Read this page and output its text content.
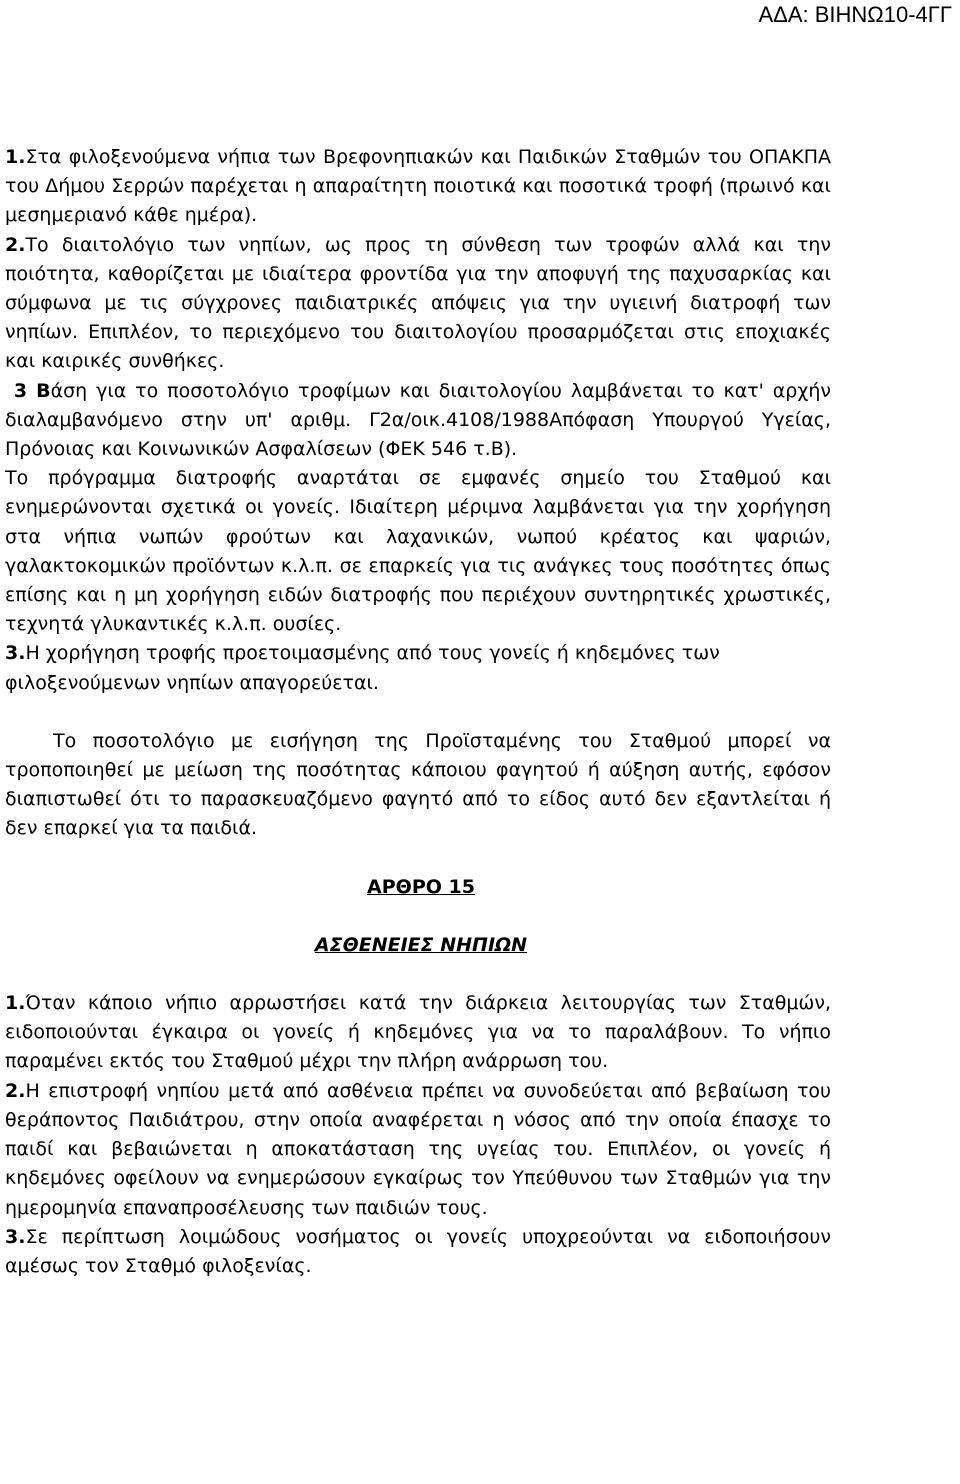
ΑΔΑ: ΒΙΗΝΩ10-4ΓΓ

1.Στα φιλοξενούμενα νήπια των Βρεφονηπιακών και Παιδικών Σταθμών του ΟΠΑΚΠΑ του Δήμου Σερρών παρέχεται η απαραίτητη ποιοτικά και ποσοτικά τροφή (πρωινό και μεσημεριανό κάθε ημέρα).

2.Το διαιτολόγιο των νηπίων, ως προς τη σύνθεση των τροφών αλλά και την ποιότητα, καθορίζεται με ιδιαίτερα φροντίδα για την αποφυγή της παχυσαρκίας και σύμφωνα με τις σύγχρονες παιδιατρικές απόψεις για την υγιεινή διατροφή των νηπίων. Επιπλέον, το περιεχόμενο του διαιτολογίου προσαρμόζεται στις εποχιακές και καιρικές συνθήκες.

3 Βάση για το ποσοτολόγιο τροφίμων και διαιτολογίου λαμβάνεται το κατ' αρχήν διαλαμβανόμενο στην υπ' αριθμ. Γ2α/οικ.4108/1988Απόφαση Υπουργού Υγείας, Πρόνοιας και Κοινωνικών Ασφαλίσεων (ΦΕΚ 546 τ.Β).

Το πρόγραμμα διατροφής αναρτάται σε εμφανές σημείο του Σταθμού και ενημερώνονται σχετικά οι γονείς. Ιδιαίτερη μέριμνα λαμβάνεται για την χορήγηση στα νήπια νωπών φρούτων και λαχανικών, νωπού κρέατος και ψαριών, γαλακτοκομικών προϊόντων κ.λ.π. σε επαρκείς για τις ανάγκες τους ποσότητες όπως επίσης και η μη χορήγηση ειδών διατροφής που περιέχουν συντηρητικές χρωστικές, τεχνητά γλυκαντικές κ.λ.π. ουσίες.

3.Η χορήγηση τροφής προετοιμασμένης από τους γονείς ή κηδεμόνες των

φιλοξενούμενων νηπίων απαγορεύεται.

Το ποσοτολόγιο με εισήγηση της Προϊσταμένης του Σταθμού μπορεί να τροποποιηθεί με μείωση της ποσότητας κάποιου φαγητού ή αύξηση αυτής, εφόσον διαπιστωθεί ότι το παρασκευαζόμενο φαγητό από το είδος αυτό δεν εξαντλείται ή δεν επαρκεί για τα παιδιά.

ΑΡΘΡΟ 15

ΑΣΘΕΝΕΙΕΣ ΝΗΠΙΩΝ

1.Όταν κάποιο νήπιο αρρωστήσει κατά την διάρκεια λειτουργίας των Σταθμών, ειδοποιούνται έγκαιρα οι γονείς ή κηδεμόνες για να το παραλάβουν. Το νήπιο παραμένει εκτός του Σταθμού μέχρι την πλήρη ανάρρωση του.

2.Η επιστροφή νηπίου μετά από ασθένεια πρέπει να συνοδεύεται από βεβαίωση του θεράποντος Παιδιάτρου, στην οποία αναφέρεται η νόσος από την οποία έπασχε το παιδί και βεβαιώνεται η αποκατάσταση της υγείας του. Επιπλέον, οι γονείς ή κηδεμόνες οφείλουν να ενημερώσουν εγκαίρως τον Υπεύθυνου των Σταθμών για την ημερομηνία επαναπροσέλευσης των παιδιών τους.

3.Σε περίπτωση λοιμώδους νοσήματος οι γονείς υποχρεούνται να ειδοποιήσουν αμέσως τον Σταθμό φιλοξενίας.
